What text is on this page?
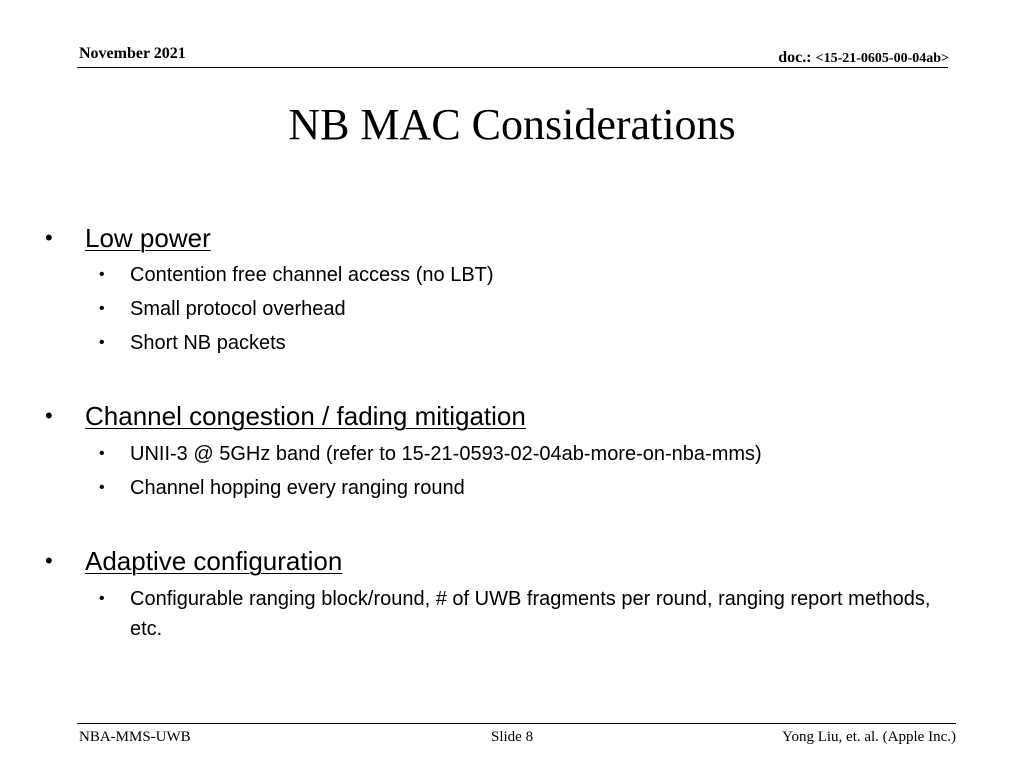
November 2021	doc.: <15-21-0605-00-04ab>
NB MAC Considerations
• Low power
• Contention free channel access (no LBT)
• Small protocol overhead
• Short NB packets
• Channel congestion / fading mitigation
• UNII-3 @ 5GHz band (refer to 15-21-0593-02-04ab-more-on-nba-mms)
• Channel hopping every ranging round
• Adaptive configuration
• Configurable ranging block/round, # of UWB fragments per round, ranging report methods, etc.
NBA-MMS-UWB	Slide 8	Yong Liu, et. al. (Apple Inc.)
